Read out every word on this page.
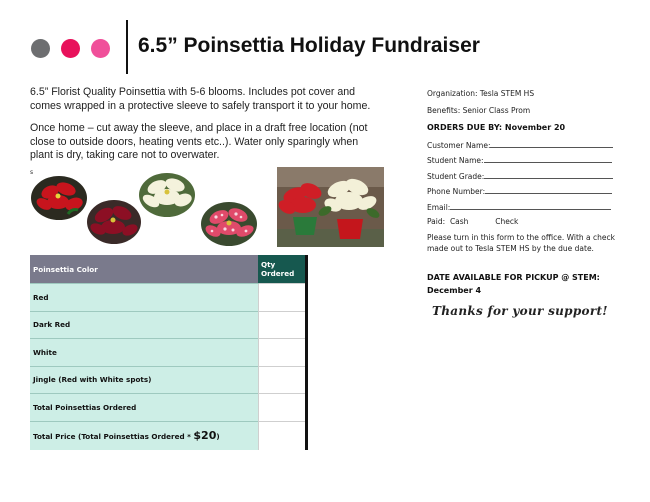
6.5” Poinsettia Holiday Fundraiser
6.5” Florist Quality Poinsettia with 5-6 blooms. Includes pot cover and comes wrapped in a protective sleeve to safely transport it to your home.
Once home – cut away the sleeve, and place in a draft free location (not close to outside doors, heating vents etc..). Water only sparingly when plant is dry, taking care not to overwater.
s
Poinsettia Color	Qty Ordered
Red	
Dark Red	
White	
Jingle (Red with White spots)	
Total Poinsettias Ordered	
Total Price (Total Poinsettias Ordered * $20)	
Organization: Tesla STEM HS
Benefits: Senior Class Prom
ORDERS DUE BY: November 20
Customer Name:
Student Name:
Student Grade:
Phone Number:
Email:
Paid: Cash	Check
Please turn in this form to the office. With a check made out to Tesla STEM HS by the due date.
DATE AVAILABLE FOR PICKUP @ STEM:
December 4
Thanks for your support!
